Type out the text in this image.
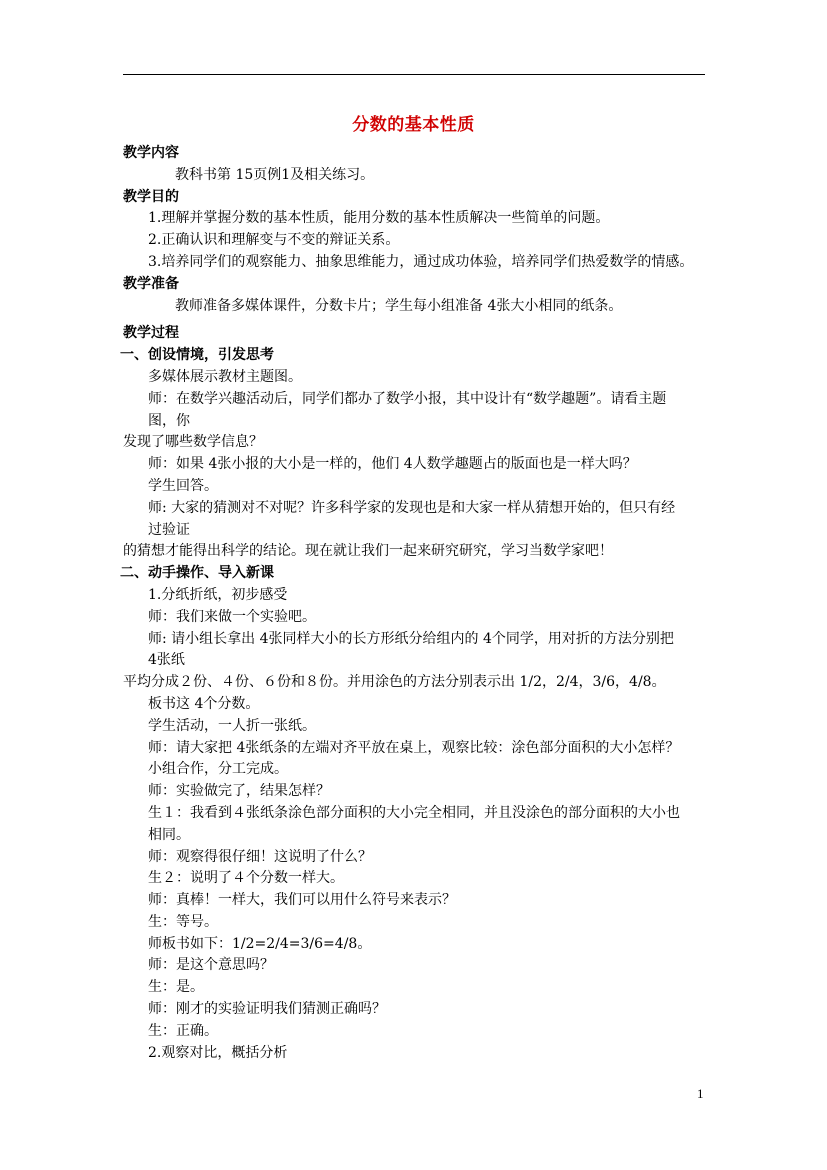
分数的基本性质
教学内容
教科书第 15页例1及相关练习。
教学目的
1.理解并掌握分数的基本性质，能用分数的基本性质解决一些简单的问题。
2.正确认识和理解变与不变的辩证关系。
3.培养同学们的观察能力、抽象思维能力，通过成功体验，培养同学们热爱数学的情感。
教学准备
教师准备多媒体课件，分数卡片；学生每小组准备 4张大小相同的纸条。
教学过程
一、创设情境，引发思考
多媒体展示教材主题图。
师：在数学兴趣活动后，同学们都办了数学小报，其中设计有“数学趣题”。请看主题
图，你
发现了哪些数学信息？
师：如果 4张小报的大小是一样的，他们 4人数学趣题占的版面也是一样大吗？
学生回答。
师: 大家的猜测对不对呢？许多科学家的发现也是和大家一样从猜想开始的，但只有经
过验证
的猜想才能得出科学的结论。现在就让我们一起来研究研究，学习当数学家吧！
二、动手操作、导入新课
1.分纸折纸，初步感受
师：我们来做一个实验吧。
师: 请小组长拿出 4张同样大小的长方形纸分给组内的 4个同学，用对折的方法分别把
4张纸
平均分成２份、４份、６份和８份。并用涂色的方法分别表示出 1/2，2/4，3/6，4/8。
板书这 4个分数。
学生活动，一人折一张纸。
师：请大家把 4张纸条的左端对齐平放在桌上，观察比较：涂色部分面积的大小怎样？
小组合作，分工完成。
师：实验做完了，结果怎样？
生１：我看到４张纸条涂色部分面积的大小完全相同，并且没涂色的部分面积的大小也
相同。
师：观察得很仔细！这说明了什么？
生２：说明了４个分数一样大。
师：真棒！一样大，我们可以用什么符号来表示？
生：等号。
师板书如下：1/2=2/4=3/6=4/8。
师：是这个意思吗？
生：是。
师：刚才的实验证明我们猜测正确吗？
生：正确。
2.观察对比，概括分析
1
